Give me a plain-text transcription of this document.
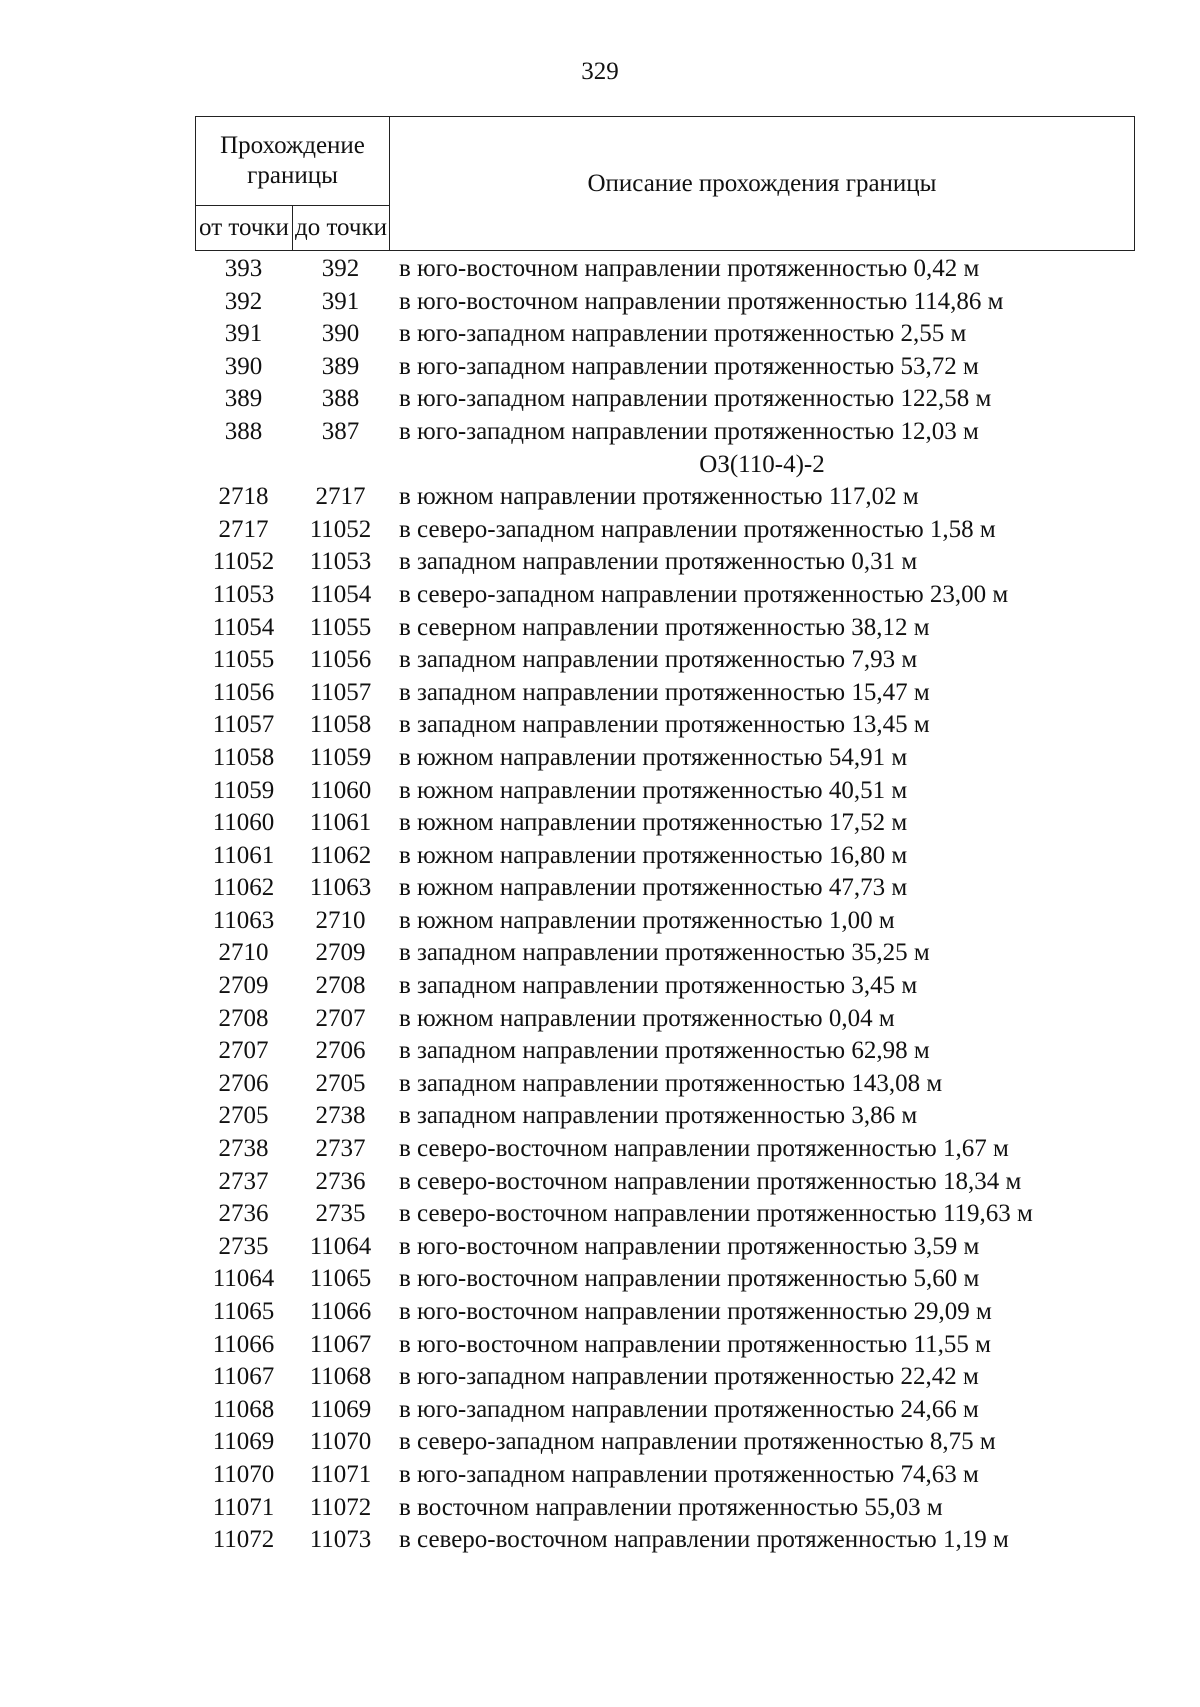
329
Прохождение границы		Описание прохождения границы
от точки	до точки	
393	392	в юго-восточном направлении протяженностью 0,42 м
392	391	в юго-восточном направлении протяженностью 114,86 м
391	390	в юго-западном направлении протяженностью 2,55 м
390	389	в юго-западном направлении протяженностью 53,72 м
389	388	в юго-западном направлении протяженностью 122,58 м
388	387	в юго-западном направлении протяженностью 12,03 м
ОЗ(110-4)-2
2718	2717	в южном направлении протяженностью 117,02 м
2717	11052	в северо-западном направлении протяженностью 1,58 м
11052	11053	в западном направлении протяженностью 0,31 м
11053	11054	в северо-западном направлении протяженностью 23,00 м
11054	11055	в северном направлении протяженностью 38,12 м
11055	11056	в западном направлении протяженностью 7,93 м
11056	11057	в западном направлении протяженностью 15,47 м
11057	11058	в западном направлении протяженностью 13,45 м
11058	11059	в южном направлении протяженностью 54,91 м
11059	11060	в южном направлении протяженностью 40,51 м
11060	11061	в южном направлении протяженностью 17,52 м
11061	11062	в южном направлении протяженностью 16,80 м
11062	11063	в южном направлении протяженностью 47,73 м
11063	2710	в южном направлении протяженностью 1,00 м
2710	2709	в западном направлении протяженностью 35,25 м
2709	2708	в западном направлении протяженностью 3,45 м
2708	2707	в южном направлении протяженностью 0,04 м
2707	2706	в западном направлении протяженностью 62,98 м
2706	2705	в западном направлении протяженностью 143,08 м
2705	2738	в западном направлении протяженностью 3,86 м
2738	2737	в северо-восточном направлении протяженностью 1,67 м
2737	2736	в северо-восточном направлении протяженностью 18,34 м
2736	2735	в северо-восточном направлении протяженностью 119,63 м
2735	11064	в юго-восточном направлении протяженностью 3,59 м
11064	11065	в юго-восточном направлении протяженностью 5,60 м
11065	11066	в юго-восточном направлении протяженностью 29,09 м
11066	11067	в юго-восточном направлении протяженностью 11,55 м
11067	11068	в юго-западном направлении протяженностью 22,42 м
11068	11069	в юго-западном направлении протяженностью 24,66 м
11069	11070	в северо-западном направлении протяженностью 8,75 м
11070	11071	в юго-западном направлении протяженностью 74,63 м
11071	11072	в восточном направлении протяженностью 55,03 м
11072	11073	в северо-восточном направлении протяженностью 1,19 м
